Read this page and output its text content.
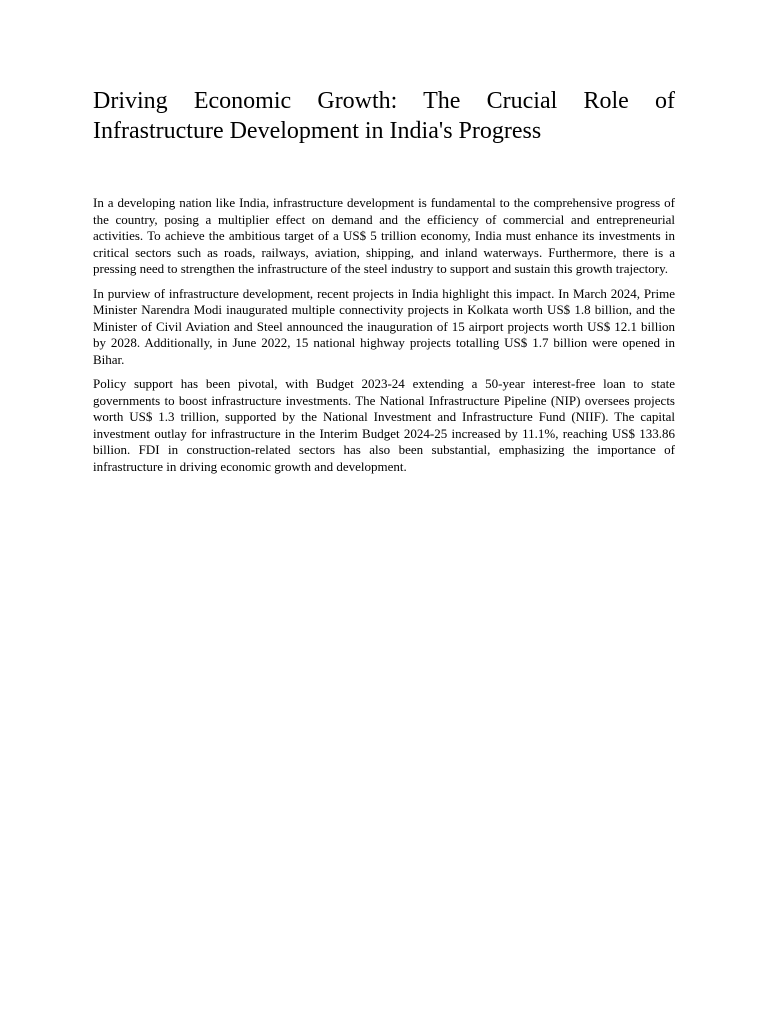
Driving Economic Growth: The Crucial Role of Infrastructure Development in India's Progress

In a developing nation like India, infrastructure development is fundamental to the comprehensive progress of the country, posing a multiplier effect on demand and the efficiency of commercial and entrepreneurial activities. To achieve the ambitious target of a US$ 5 trillion economy, India must enhance its investments in critical sectors such as roads, railways, aviation, shipping, and inland waterways. Furthermore, there is a pressing need to strengthen the infrastructure of the steel industry to support and sustain this growth trajectory.

In purview of infrastructure development, recent projects in India highlight this impact. In March 2024, Prime Minister Narendra Modi inaugurated multiple connectivity projects in Kolkata worth US$ 1.8 billion, and the Minister of Civil Aviation and Steel announced the inauguration of 15 airport projects worth US$ 12.1 billion by 2028. Additionally, in June 2022, 15 national highway projects totalling US$ 1.7 billion were opened in Bihar.

Policy support has been pivotal, with Budget 2023-24 extending a 50-year interest-free loan to state governments to boost infrastructure investments. The National Infrastructure Pipeline (NIP) oversees projects worth US$ 1.3 trillion, supported by the National Investment and Infrastructure Fund (NIIF). The capital investment outlay for infrastructure in the Interim Budget 2024-25 increased by 11.1%, reaching US$ 133.86 billion. FDI in construction-related sectors has also been substantial, emphasizing the importance of infrastructure in driving economic growth and development.
